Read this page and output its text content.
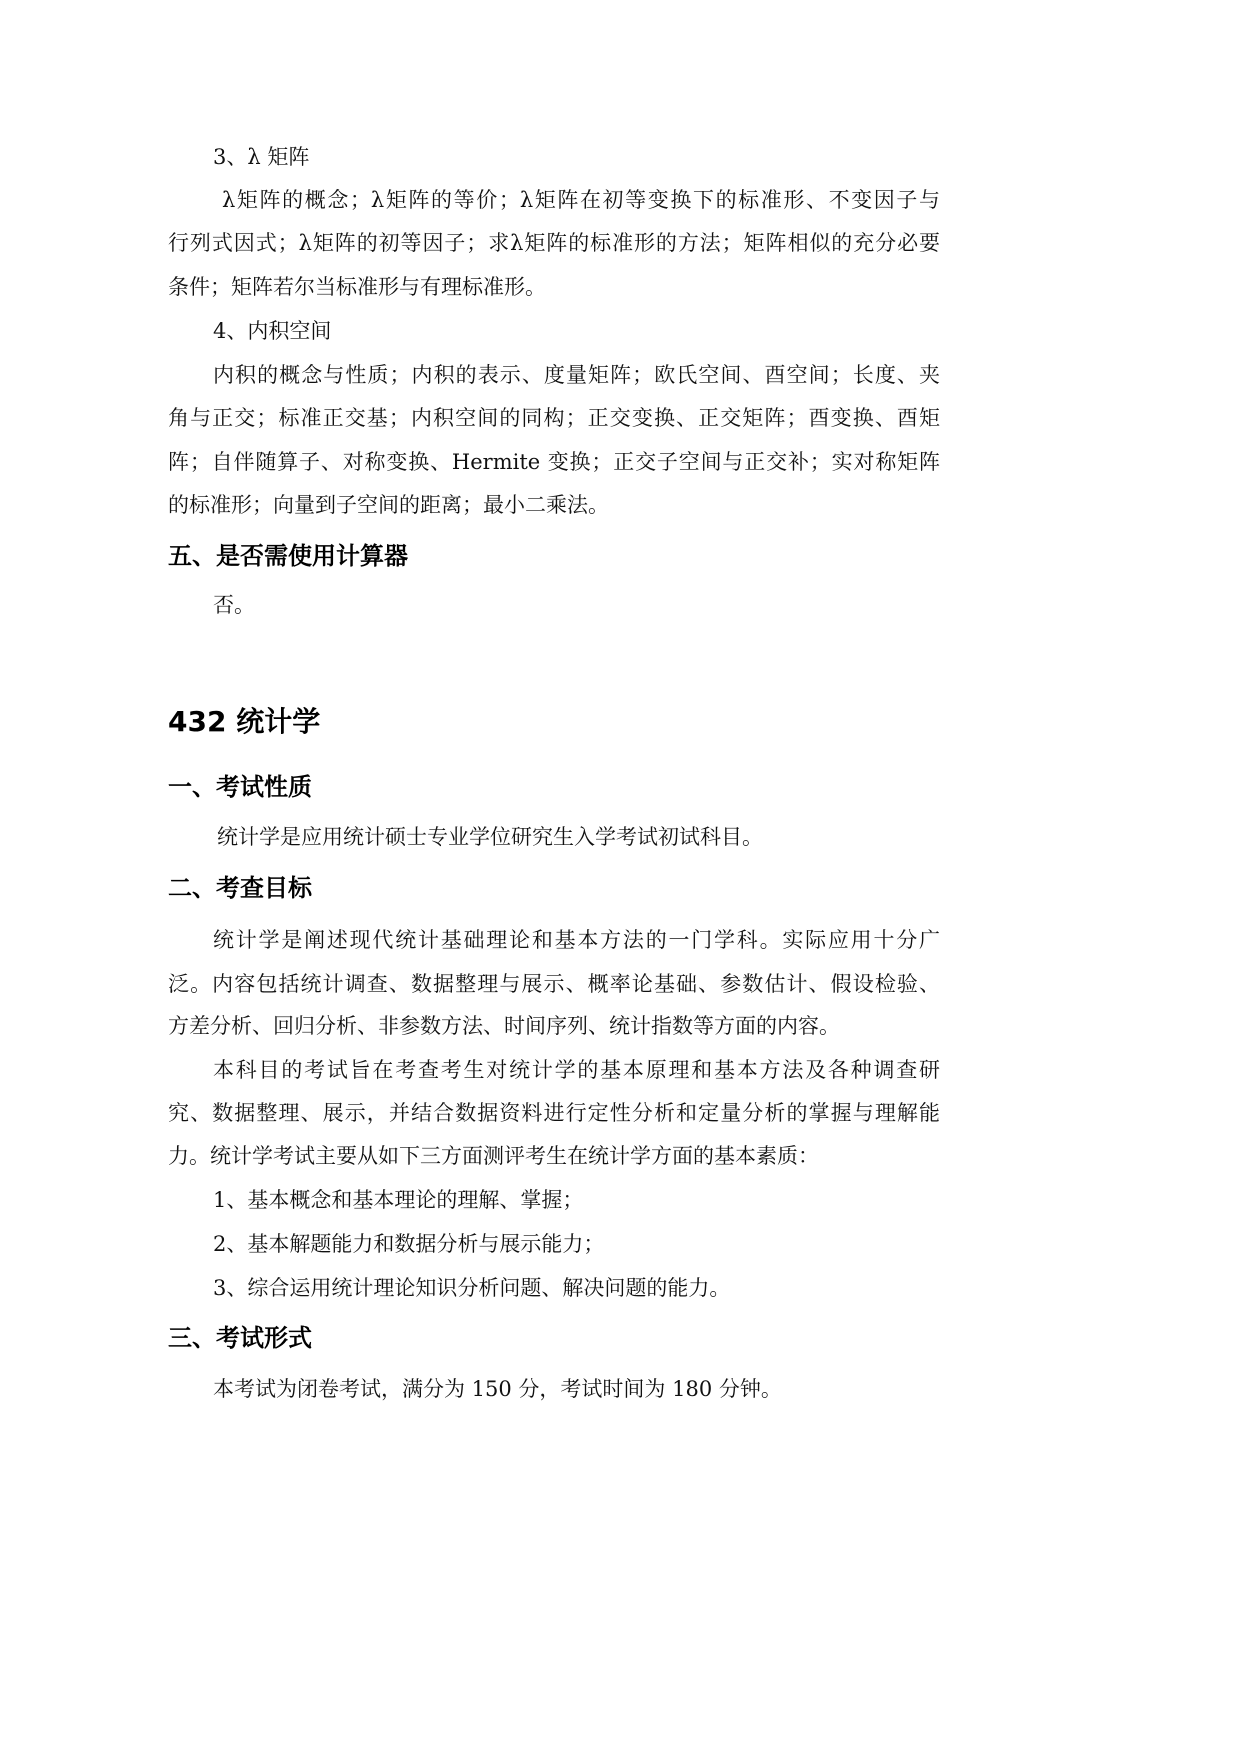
3、λ 矩阵
λ矩阵的概念；λ矩阵的等价；λ矩阵在初等变换下的标准形、不变因子与
行列式因式；λ矩阵的初等因子；求λ矩阵的标准形的方法；矩阵相似的充分必要
条件；矩阵若尔当标准形与有理标准形。
4、内积空间
内积的概念与性质；内积的表示、度量矩阵；欧氏空间、酉空间；长度、夹
角与正交；标准正交基；内积空间的同构；正交变换、正交矩阵；酉变换、酉矩
阵；自伴随算子、对称变换、Hermite 变换；正交子空间与正交补；实对称矩阵
的标准形；向量到子空间的距离；最小二乘法。
五、是否需使用计算器
否。
432 统计学
一、考试性质
统计学是应用统计硕士专业学位研究生入学考试初试科目。
二、考查目标
统计学是阐述现代统计基础理论和基本方法的一门学科。实际应用十分广
泛。内容包括统计调查、数据整理与展示、概率论基础、参数估计、假设检验、
方差分析、回归分析、非参数方法、时间序列、统计指数等方面的内容。
本科目的考试旨在考查考生对统计学的基本原理和基本方法及各种调查研
究、数据整理、展示，并结合数据资料进行定性分析和定量分析的掌握与理解能
力。统计学考试主要从如下三方面测评考生在统计学方面的基本素质：
1、基本概念和基本理论的理解、掌握；
2、基本解题能力和数据分析与展示能力；
3、综合运用统计理论知识分析问题、解决问题的能力。
三、考试形式
本考试为闭卷考试，满分为 150 分，考试时间为 180 分钟。
